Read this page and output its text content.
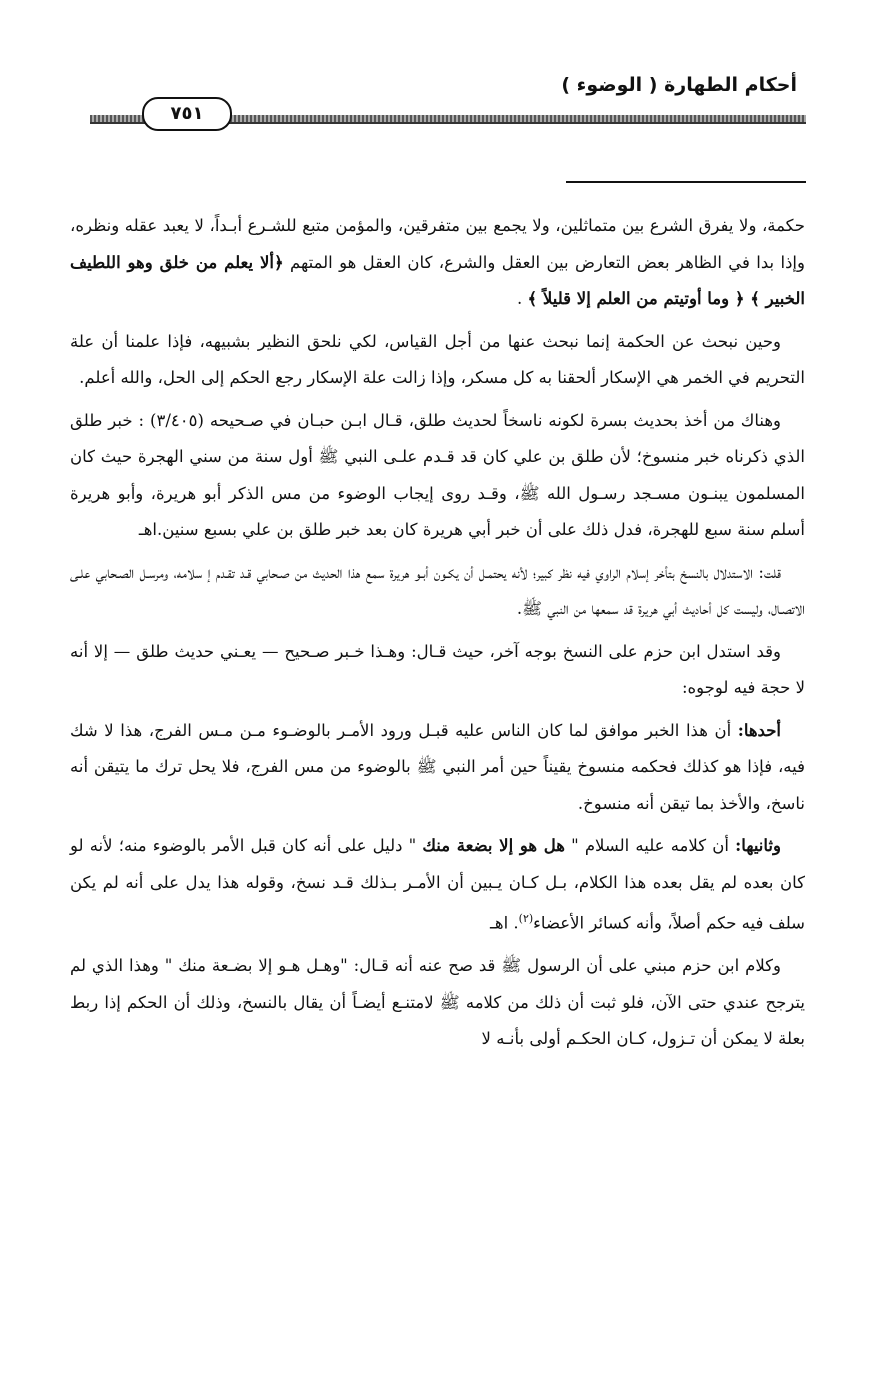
أحكام الطهارة ( الوضوء )
٧٥١

حكمة، ولا يفرق الشرع بين متماثلين، ولا يجمع بين متفرقين، والمؤمن متبع للشـرع أبـداً، لا يعبد عقله ونظره، وإذا بدا في الظاهر بعض التعارض بين العقل والشرع، كان العقل هو المتهم ﴿ألا يعلم من خلق وهو اللطيف الخبير ﴾ ﴿ وما أوتيتم من العلم إلا قليلاً ﴾ .

وحين نبحث عن الحكمة إنما نبحث عنها من أجل القياس، لكي نلحق النظير بشبيهه، فإذا علمنا أن علة التحريم في الخمر هي الإسكار ألحقنا به كل مسكر، وإذا زالت علة الإسكار رجع الحكم إلى الحل، والله أعلم.

وهناك من أخذ بحديث بسرة لكونه ناسخاً لحديث طلق، قـال ابـن حبـان في صـحيحه (٣/٤٠٥) : خبر طلق الذي ذكرناه خبر منسوخ؛ لأن طلق بن علي كان قد قـدم علـى النبي ﷺ أول سنة من سني الهجرة حيث كان المسلمون يبنـون مسـجد رسـول الله ﷺ، وقـد روى إيجاب الوضوء من مس الذكر أبو هريرة، وأبو هريرة أسلم سنة سبع للهجرة، فدل ذلك على أن خبر أبي هريرة كان بعد خبر طلق بن علي بسبع سنين.اهـ

قلت: الاستدلال بالنسخ بتأخر إسلام الراوي فيه نظر كبير؛ لأنه يحتمـل أن يكـون أبـو هريرة سمع هذا الحديث من صـحابي قـد تقـدم إ سلامه، ومرسـل الصـحابي علـى الاتصـال، وليست كل أحاديث أبي هريرة قد سمعها من النبي ﷺ.

وقد استدل ابن حزم على النسخ بوجه آخر، حيث قـال: وهـذا خـبر صـحيح — يعـني حديث طلق — إلا أنه لا حجة فيه لوجوه:

أحدها: أن هذا الخبر موافق لما كان الناس عليه قبـل ورود الأمـر بالوضـوء مـن مـس الفرج، هذا لا شك فيه، فإذا هو كذلك فحكمه منسوخ يقيناً حين أمر النبي ﷺ بالوضوء من مس الفرج، فلا يحل ترك ما يتيقن أنه ناسخ، والأخذ بما تيقن أنه منسوخ.

وثانيها: أن كلامه عليه السلام " هل هو إلا بضعة منك " دليل على أنه كان قبل الأمر بالوضوء منه؛ لأنه لو كان بعده لم يقل بعده هذا الكلام، بـل كـان يـبين أن الأمـر بـذلك قـد نسخ، وقوله هذا يدل على أنه لم يكن سلف فيه حكم أصلاً، وأنه كسائر الأعضاء$^{(٢)}$. اهـ

وكلام ابن حزم مبني على أن الرسول ﷺ قد صح عنه أنه قـال: "وهـل هـو إلا بضـعة منك " وهذا الذي لم يترجح عندي حتى الآن، فلو ثبت أن ذلك من كلامه ﷺ لامتنـع أيضـاً أن يقال بالنسخ، وذلك أن الحكم إذا ربط بعلة لا يمكن أن تـزول، كـان الحكـم أولى بأنـه لا
